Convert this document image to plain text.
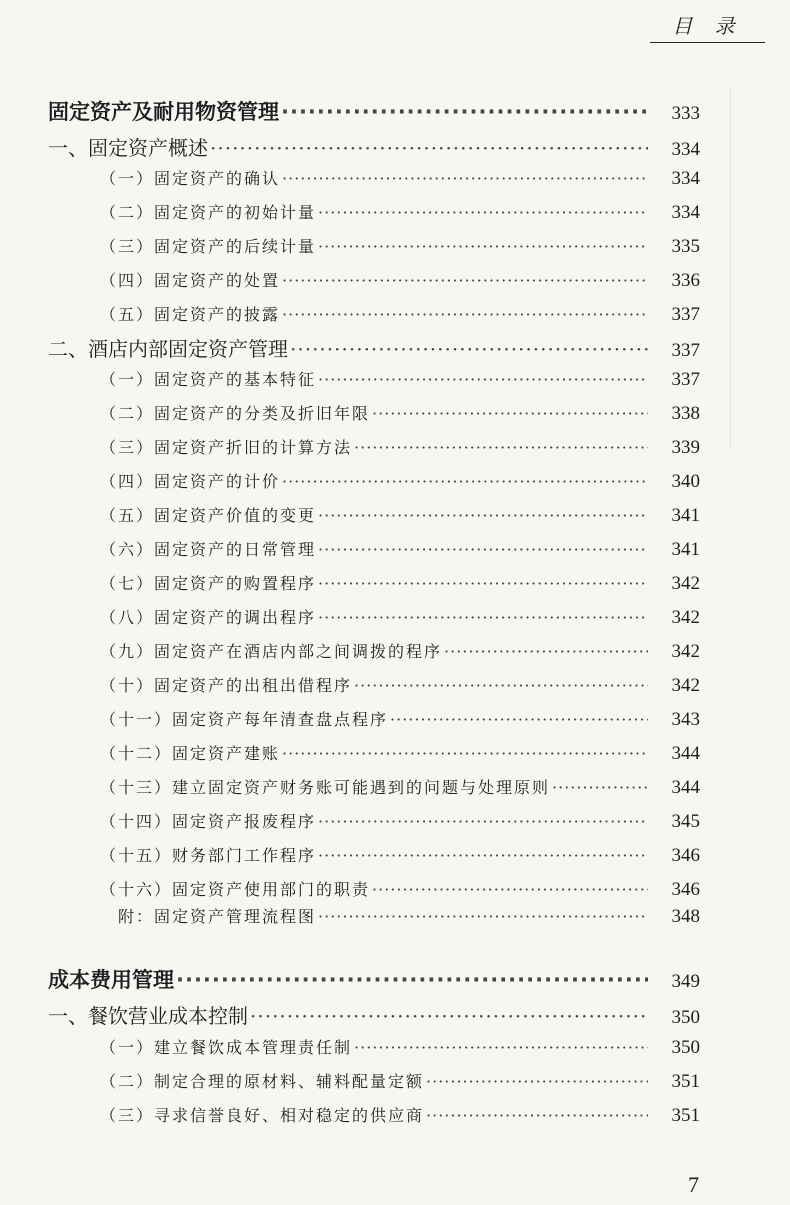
目 录
固定资产及耐用物资管理 ·····	333
一、固定资产概述 ·····	334
（一）固定资产的确认 ·····	334
（二）固定资产的初始计量 ·····	334
（三）固定资产的后续计量 ·····	335
（四）固定资产的处置 ·····	336
（五）固定资产的披露 ·····	337
二、酒店内部固定资产管理 ·····	337
（一）固定资产的基本特征 ·····	337
（二）固定资产的分类及折旧年限 ·····	338
（三）固定资产折旧的计算方法 ·····	339
（四）固定资产的计价 ·····	340
（五）固定资产价值的变更 ·····	341
（六）固定资产的日常管理 ·····	341
（七）固定资产的购置程序 ·····	342
（八）固定资产的调出程序 ·····	342
（九）固定资产在酒店内部之间调拨的程序 ·····	342
（十）固定资产的出租出借程序 ·····	342
（十一）固定资产每年清查盘点程序 ·····	343
（十二）固定资产建账 ·····	344
（十三）建立固定资产财务账可能遇到的问题与处理原则 ·····	344
（十四）固定资产报废程序 ·····	345
（十五）财务部门工作程序 ·····	346
（十六）固定资产使用部门的职责 ·····	346
附：固定资产管理流程图 ·····	348
成本费用管理 ·····	349
一、餐饮营业成本控制 ·····	350
（一）建立餐饮成本管理责任制 ·····	350
（二）制定合理的原材料、辅料配量定额 ·····	351
（三）寻求信誉良好、相对稳定的供应商 ·····	351
7
